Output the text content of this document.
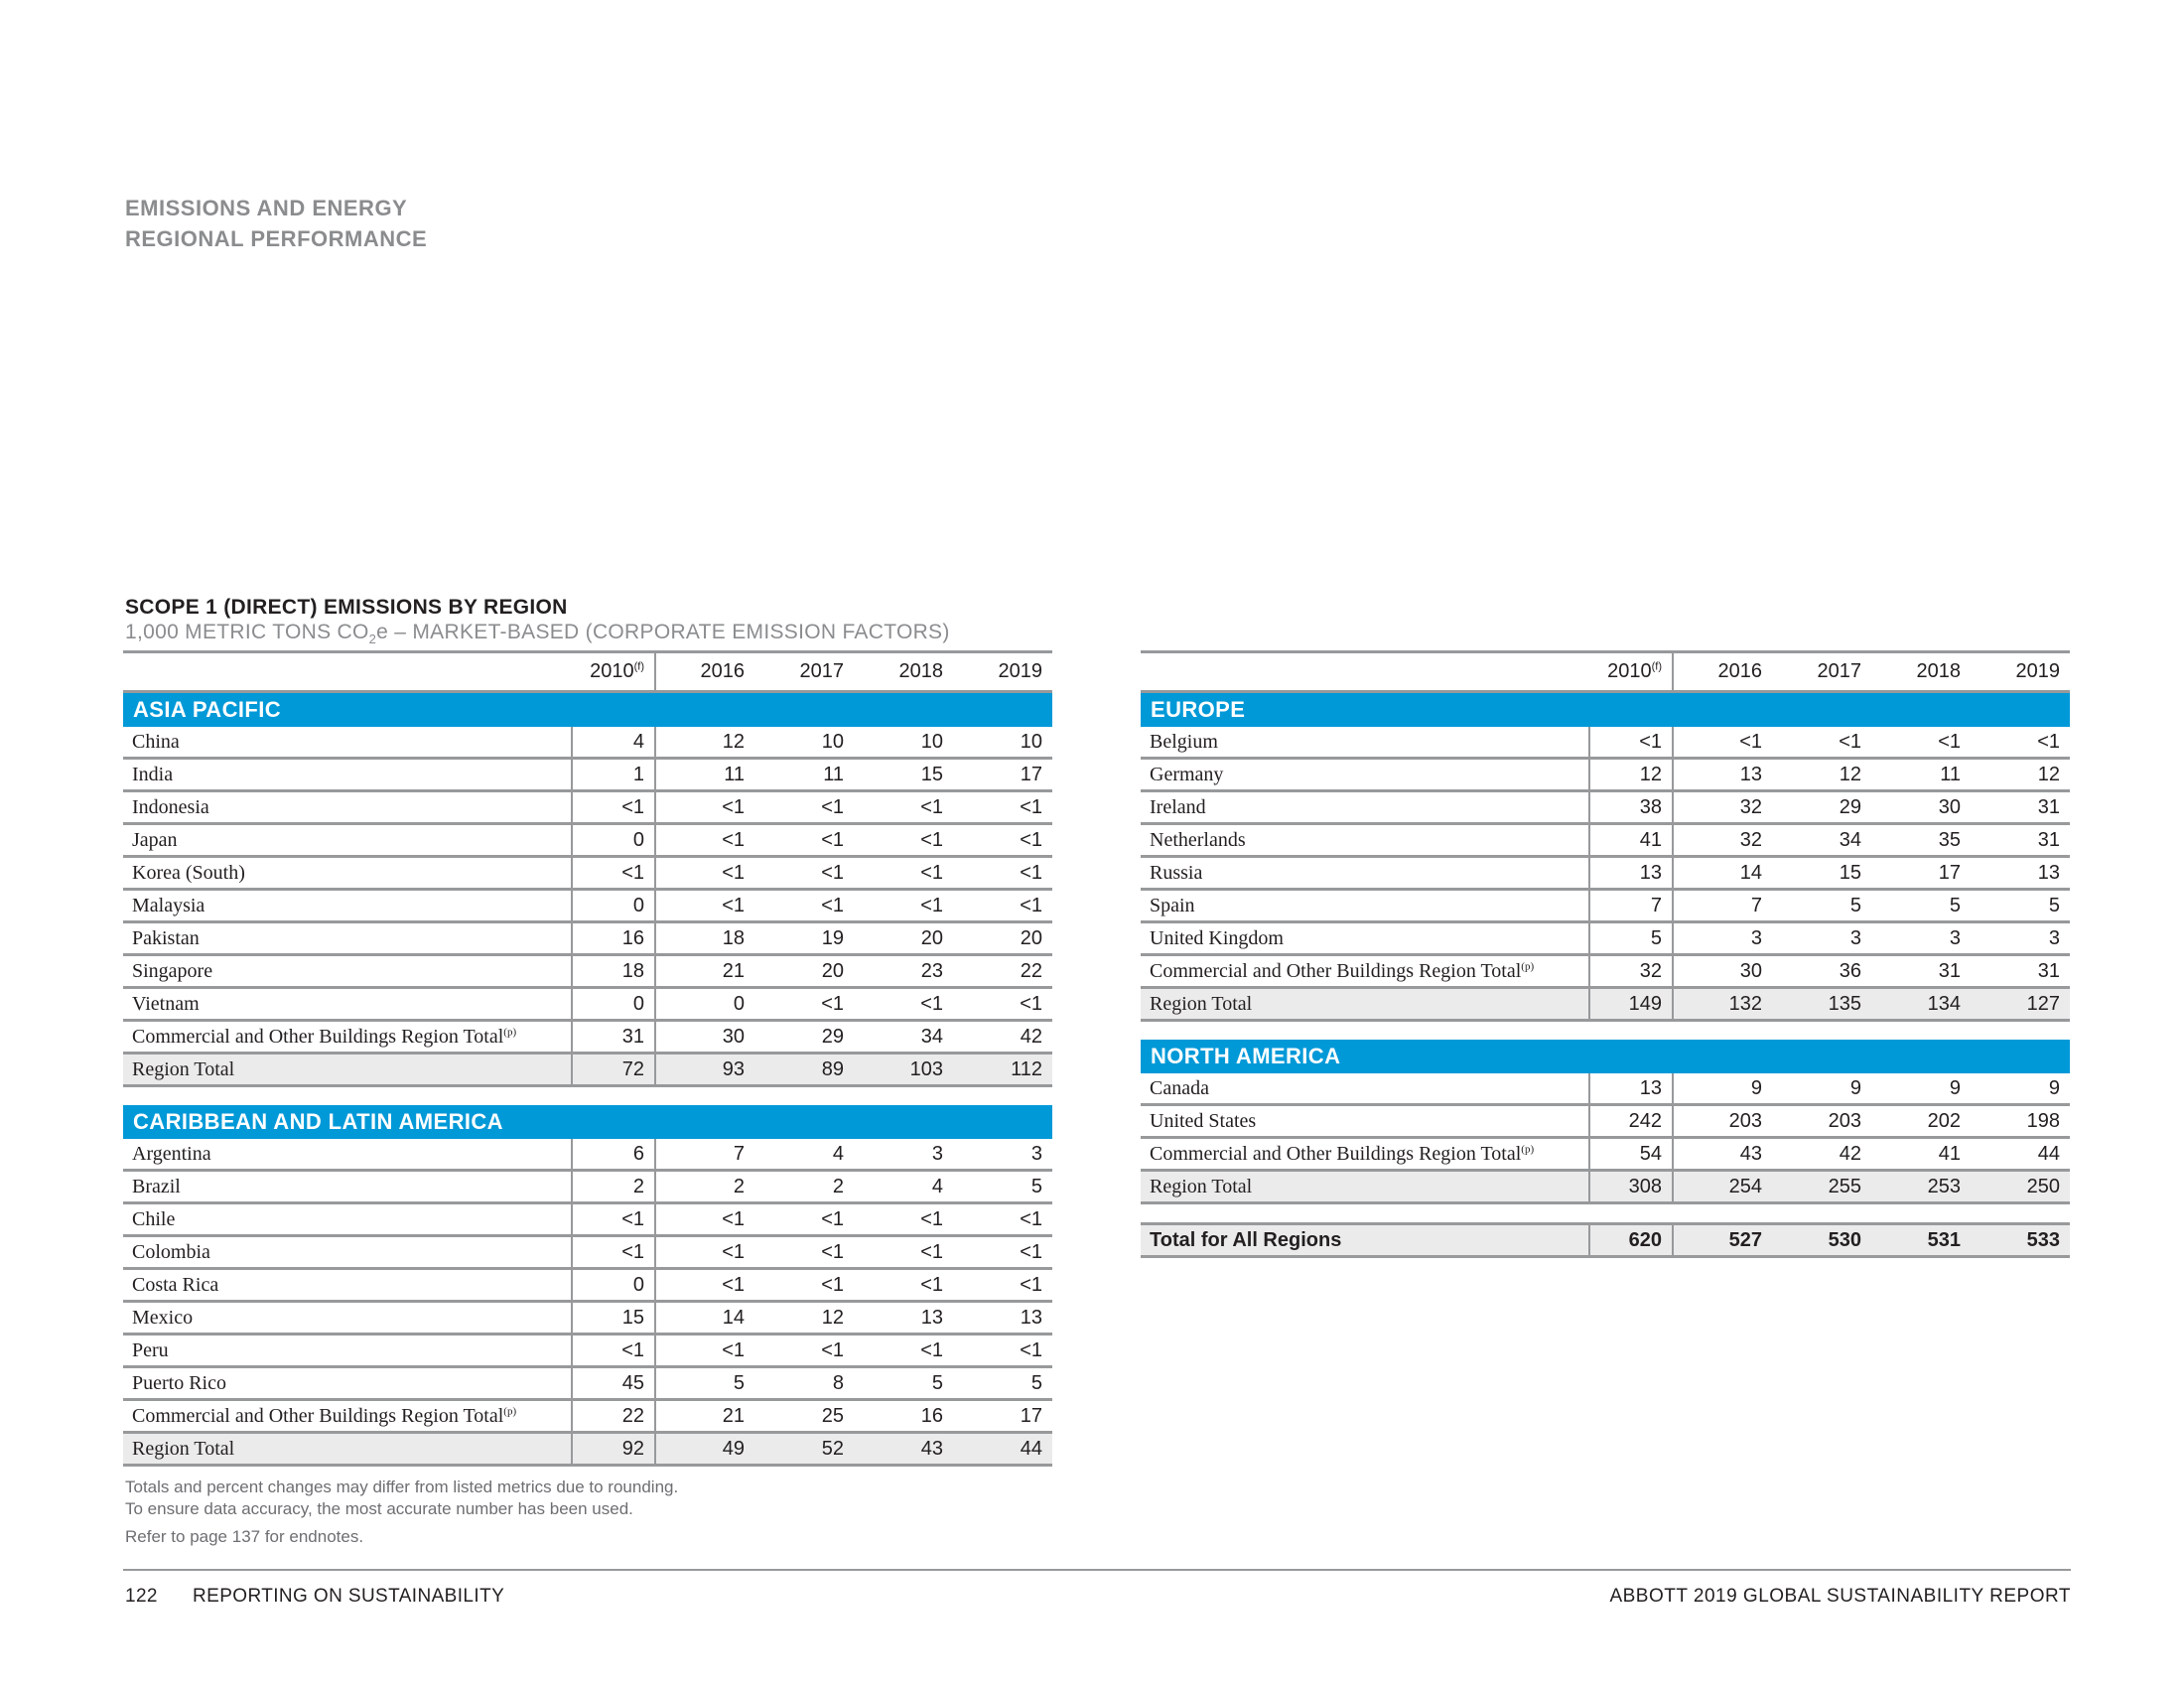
EMISSIONS AND ENERGY
REGIONAL PERFORMANCE
SCOPE 1 (DIRECT) EMISSIONS BY REGION
1,000 METRIC TONS $CO_2e$ – MARKET-BASED (CORPORATE EMISSION FACTORS)
	2010$^{(f)}$	2016	2017	2018	2019
ASIA PACIFIC					
China	4	12	10	10	10
India	1	11	11	15	17
Indonesia	<1	<1	<1	<1	<1
Japan	0	<1	<1	<1	<1
Korea (South)	<1	<1	<1	<1	<1
Malaysia	0	<1	<1	<1	<1
Pakistan	16	18	19	20	20
Singapore	18	21	20	23	22
Vietnam	0	0	<1	<1	<1
Commercial and Other Buildings Region Total$^{(p)}$	31	30	29	34	42
Region Total	72	93	89	103	112

CARIBBEAN AND LATIN AMERICA					
Argentina	6	7	4	3	3
Brazil	2	2	2	4	5
Chile	<1	<1	<1	<1	<1
Colombia	<1	<1	<1	<1	<1
Costa Rica	0	<1	<1	<1	<1
Mexico	15	14	12	13	13
Peru	<1	<1	<1	<1	<1
Puerto Rico	45	5	8	5	5
Commercial and Other Buildings Region Total$^{(p)}$	22	21	25	16	17
Region Total	92	49	52	43	44
	2010$^{(f)}$	2016	2017	2018	2019
EUROPE					
Belgium	<1	<1	<1	<1	<1
Germany	12	13	12	11	12
Ireland	38	32	29	30	31
Netherlands	41	32	34	35	31
Russia	13	14	15	17	13
Spain	7	7	5	5	5
United Kingdom	5	3	3	3	3
Commercial and Other Buildings Region Total$^{(p)}$	32	30	36	31	31
Region Total	149	132	135	134	127

NORTH AMERICA					
Canada	13	9	9	9	9
United States	242	203	203	202	198
Commercial and Other Buildings Region Total$^{(p)}$	54	43	42	41	44
Region Total	308	254	255	253	250

Total for All Regions	620	527	530	531	533
Totals and percent changes may differ from listed metrics due to rounding.
To ensure data accuracy, the most accurate number has been used.
Refer to page 137 for endnotes.
122 REPORTING ON SUSTAINABILITY	ABBOTT 2019 GLOBAL SUSTAINABILITY REPORT
